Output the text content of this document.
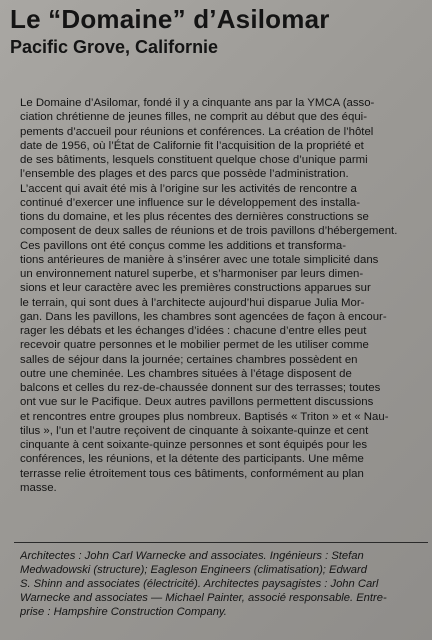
Le “Domaine” d’Asilomar
Pacific Grove, Californie
Le Domaine d’Asilomar, fondé il y a cinquante ans par la YMCA (asso-
ciation chrétienne de jeunes filles, ne comprit au début que des équi-
pements d’accueil pour réunions et conférences. La création de l’hôtel
date de 1956, où l’État de Californie fit l’acquisition de la propriété et
de ses bâtiments, lesquels constituent quelque chose d’unique parmi
l’ensemble des plages et des parcs que possède l’administration.
L’accent qui avait été mis à l’origine sur les activités de rencontre a
continué d’exercer une influence sur le développement des installa-
tions du domaine, et les plus récentes des dernières constructions se
composent de deux salles de réunions et de trois pavillons d’hébergement.
Ces pavillons ont été conçus comme les additions et transforma-
tions antérieures de manière à s’insérer avec une totale simplicité dans
un environnement naturel superbe, et s’harmoniser par leurs dimen-
sions et leur caractère avec les premières constructions apparues sur
le terrain, qui sont dues à l’architecte aujourd’hui disparue Julia Mor-
gan. Dans les pavillons, les chambres sont agencées de façon à encour-
rager les débats et les échanges d’idées : chacune d’entre elles peut
recevoir quatre personnes et le mobilier permet de les utiliser comme
salles de séjour dans la journée; certaines chambres possèdent en
outre une cheminée. Les chambres situées à l’étage disposent de
balcons et celles du rez-de-chaussée donnent sur des terrasses; toutes
ont vue sur le Pacifique. Deux autres pavillons permettent discussions
et rencontres entre groupes plus nombreux. Baptisés « Triton » et « Nau-
tilus », l’un et l’autre reçoivent de cinquante à soixante-quinze et cent
cinquante à cent soixante-quinze personnes et sont équipés pour les
conférences, les réunions, et la détente des participants. Une même
terrasse relie étroitement tous ces bâtiments, conformément au plan
masse.
Architectes : John Carl Warnecke and associates. Ingénieurs : Stefan
Medwadowski (structure); Eagleson Engineers (climatisation); Edward
S. Shinn and associates (électricité). Architectes paysagistes : John Carl
Warnecke and associates — Michael Painter, associé responsable. Entre-
prise : Hampshire Construction Company.
